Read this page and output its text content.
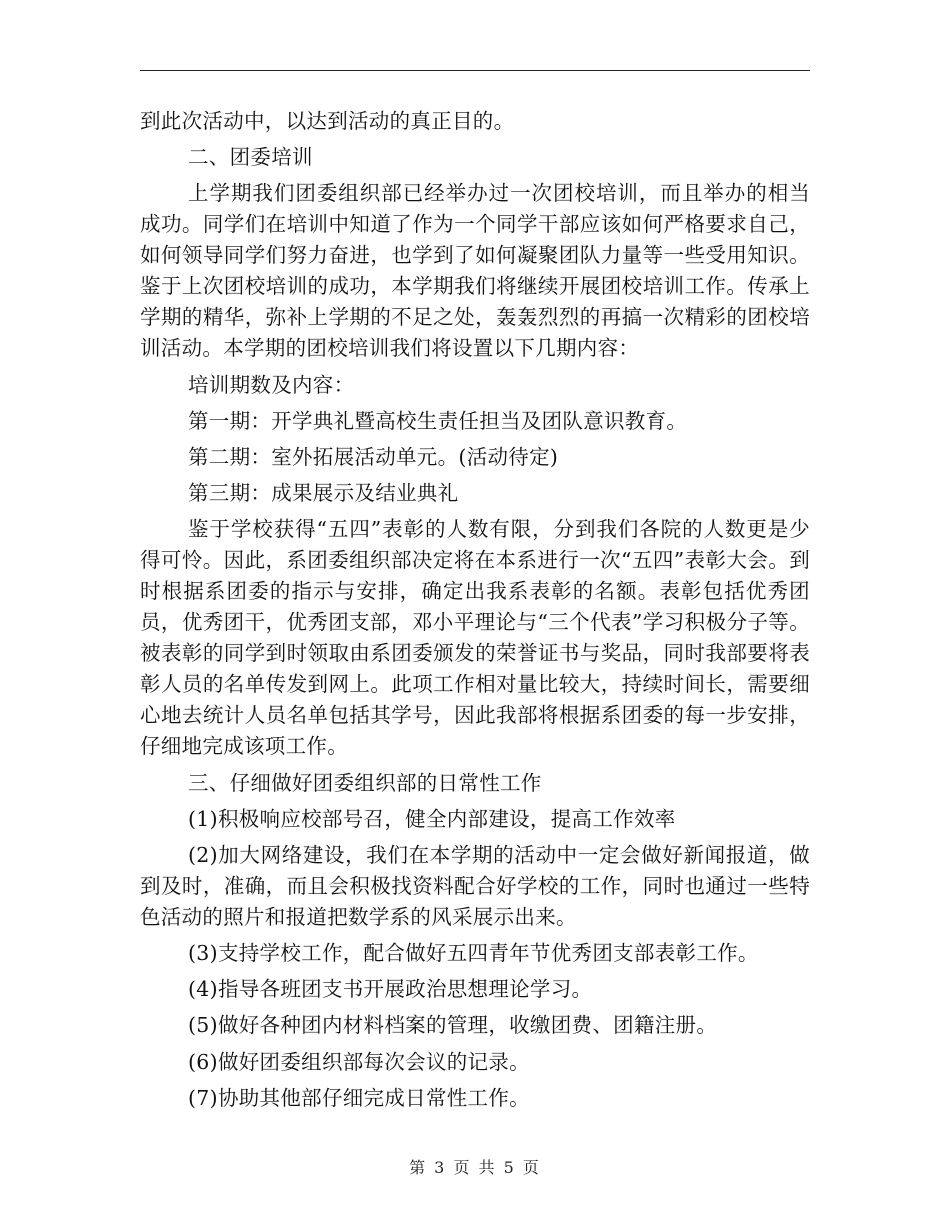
到此次活动中，以达到活动的真正目的。

二、团委培训

上学期我们团委组织部已经举办过一次团校培训，而且举办的相当成功。同学们在培训中知道了作为一个同学干部应该如何严格要求自己，如何领导同学们努力奋进，也学到了如何凝聚团队力量等一些受用知识。鉴于上次团校培训的成功，本学期我们将继续开展团校培训工作。传承上学期的精华，弥补上学期的不足之处，轰轰烈烈的再搞一次精彩的团校培训活动。本学期的团校培训我们将设置以下几期内容：

培训期数及内容：

第一期：开学典礼暨高校生责任担当及团队意识教育。

第二期：室外拓展活动单元。(活动待定)

第三期：成果展示及结业典礼

鉴于学校获得“五四”表彰的人数有限，分到我们各院的人数更是少得可怜。因此，系团委组织部决定将在本系进行一次“五四”表彰大会。到时根据系团委的指示与安排，确定出我系表彰的名额。表彰包括优秀团员，优秀团干，优秀团支部，邓小平理论与“三个代表”学习积极分子等。被表彰的同学到时领取由系团委颁发的荣誉证书与奖品，同时我部要将表彰人员的名单传发到网上。此项工作相对量比较大，持续时间长，需要细心地去统计人员名单包括其学号，因此我部将根据系团委的每一步安排，仔细地完成该项工作。

三、仔细做好团委组织部的日常性工作

(1)积极响应校部号召，健全内部建设，提高工作效率

(2)加大网络建设，我们在本学期的活动中一定会做好新闻报道，做到及时，准确，而且会积极找资料配合好学校的工作，同时也通过一些特色活动的照片和报道把数学系的风采展示出来。

(3)支持学校工作，配合做好五四青年节优秀团支部表彰工作。

(4)指导各班团支书开展政治思想理论学习。

(5)做好各种团内材料档案的管理，收缴团费、团籍注册。

(6)做好团委组织部每次会议的记录。

(7)协助其他部仔细完成日常性工作。

第 3 页 共 5 页
